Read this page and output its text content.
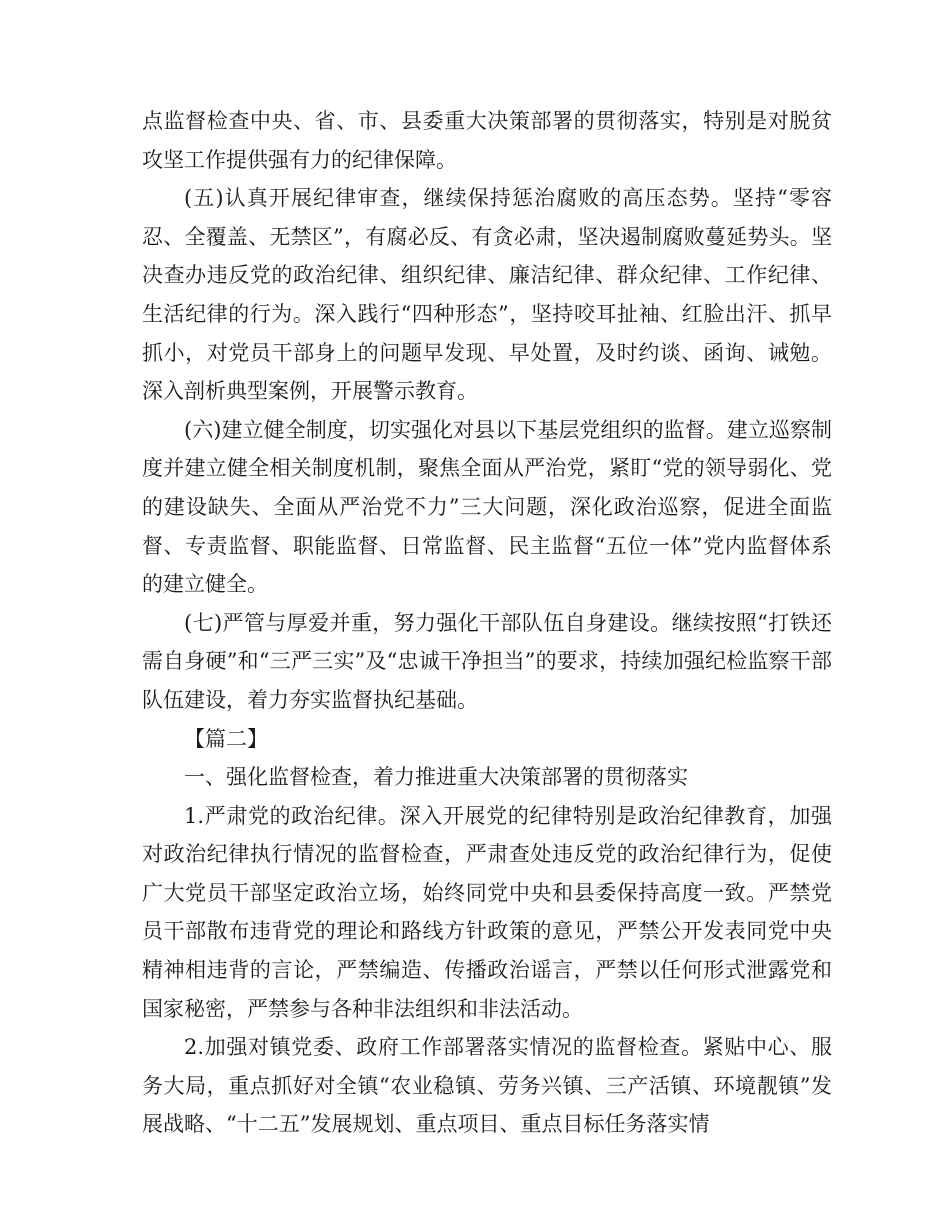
点监督检查中央、省、市、县委重大决策部署的贯彻落实，特别是对脱贫攻坚工作提供强有力的纪律保障。

(五)认真开展纪律审查，继续保持惩治腐败的高压态势。坚持“零容忍、全覆盖、无禁区”，有腐必反、有贪必肃，坚决遏制腐败蔓延势头。坚决查办违反党的政治纪律、组织纪律、廉洁纪律、群众纪律、工作纪律、生活纪律的行为。深入践行“四种形态”，坚持咬耳扯袖、红脸出汗、抓早抓小，对党员干部身上的问题早发现、早处置，及时约谈、函询、诫勉。深入剖析典型案例，开展警示教育。

(六)建立健全制度，切实强化对县以下基层党组织的监督。建立巡察制度并建立健全相关制度机制，聚焦全面从严治党，紧盯“党的领导弱化、党的建设缺失、全面从严治党不力”三大问题，深化政治巡察，促进全面监督、专责监督、职能监督、日常监督、民主监督“五位一体”党内监督体系的建立健全。

(七)严管与厚爱并重，努力强化干部队伍自身建设。继续按照“打铁还需自身硬”和“三严三实”及“忠诚干净担当”的要求，持续加强纪检监察干部队伍建设，着力夯实监督执纪基础。

【篇二】

一、强化监督检查，着力推进重大决策部署的贯彻落实

1.严肃党的政治纪律。深入开展党的纪律特别是政治纪律教育，加强对政治纪律执行情况的监督检查，严肃查处违反党的政治纪律行为，促使广大党员干部坚定政治立场，始终同党中央和县委保持高度一致。严禁党员干部散布违背党的理论和路线方针政策的意见，严禁公开发表同党中央精神相违背的言论，严禁编造、传播政治谣言，严禁以任何形式泄露党和国家秘密，严禁参与各种非法组织和非法活动。

2.加强对镇党委、政府工作部署落实情况的监督检查。紧贴中心、服务大局，重点抓好对全镇“农业稳镇、劳务兴镇、三产活镇、环境靓镇”发展战略、“十二五”发展规划、重点项目、重点目标任务落实情
